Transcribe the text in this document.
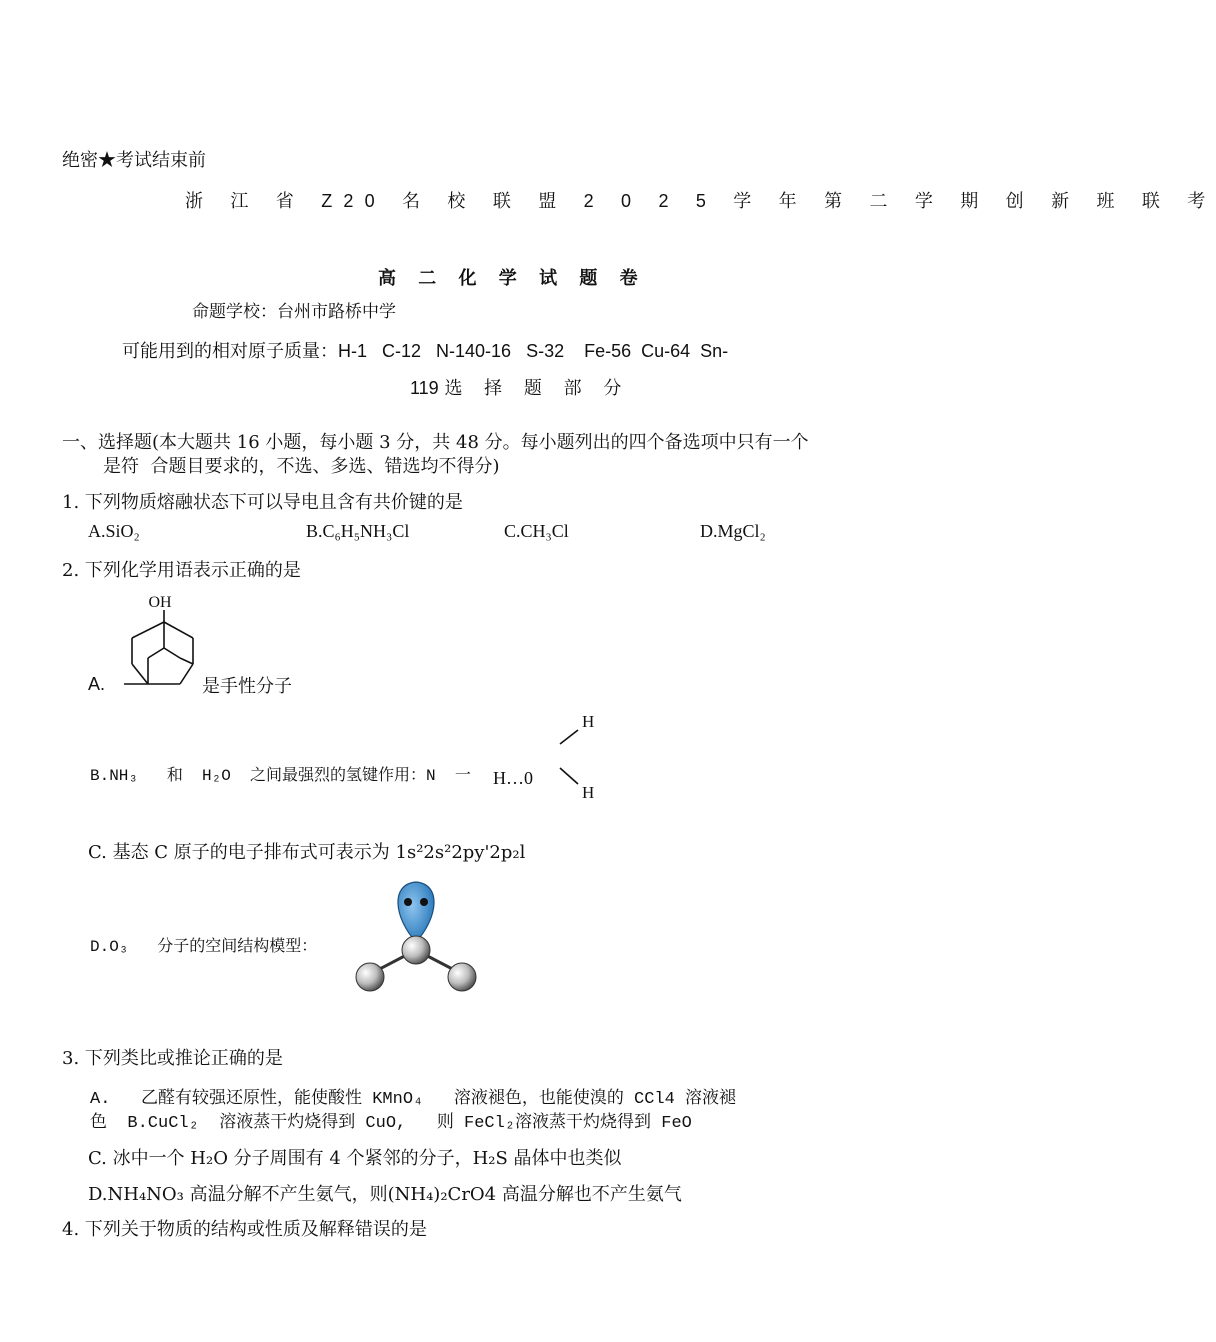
绝密★考试结束前
浙 江 省 Z20 名 校 联 盟 2 0 2 5 学 年 第 二 学 期 创 新 班 联 考
高 二 化 学 试 题 卷
命题学校：台州市路桥中学
可能用到的相对原子质量：H-1   C-12   N-140-16   S-32    Fe-56  Cu-64  Sn-
119 选 择 题 部 分
一、选择题(本大题共 16 小题，每小题 3 分，共 48 分。每小题列出的四个备选项中只有一个
是符  合题目要求的，不选、多选、错选均不得分)
1. 下列物质熔融状态下可以导电且含有共价键的是
A.SiO₂	B.C₆H₅NH₃Cl	C.CH₃Cl	D.MgCl₂
2. 下列化学用语表示正确的是
A.
OH
是手性分子
B.NH₃   和  H₂O  之间最强烈的氢键作用：N  一 H…0
H
H
C. 基态 C 原子的电子排布式可表示为 1s²2s²2py'2p₂l
D.O₃   分子的空间结构模型：
3. 下列类比或推论正确的是
A.   乙醛有较强还原性，能使酸性 KMnO₄   溶液褪色，也能使溴的 CCl4 溶液褪
色  B.CuCl₂  溶液蒸干灼烧得到 CuO,   则 FeCl₂溶液蒸干灼烧得到 FeO
C. 冰中一个 H₂O 分子周围有 4 个紧邻的分子，H₂S 晶体中也类似
D.NH₄NO₃ 高温分解不产生氨气，则(NH₄)₂CrO4 高温分解也不产生氨气
4. 下列关于物质的结构或性质及解释错误的是
